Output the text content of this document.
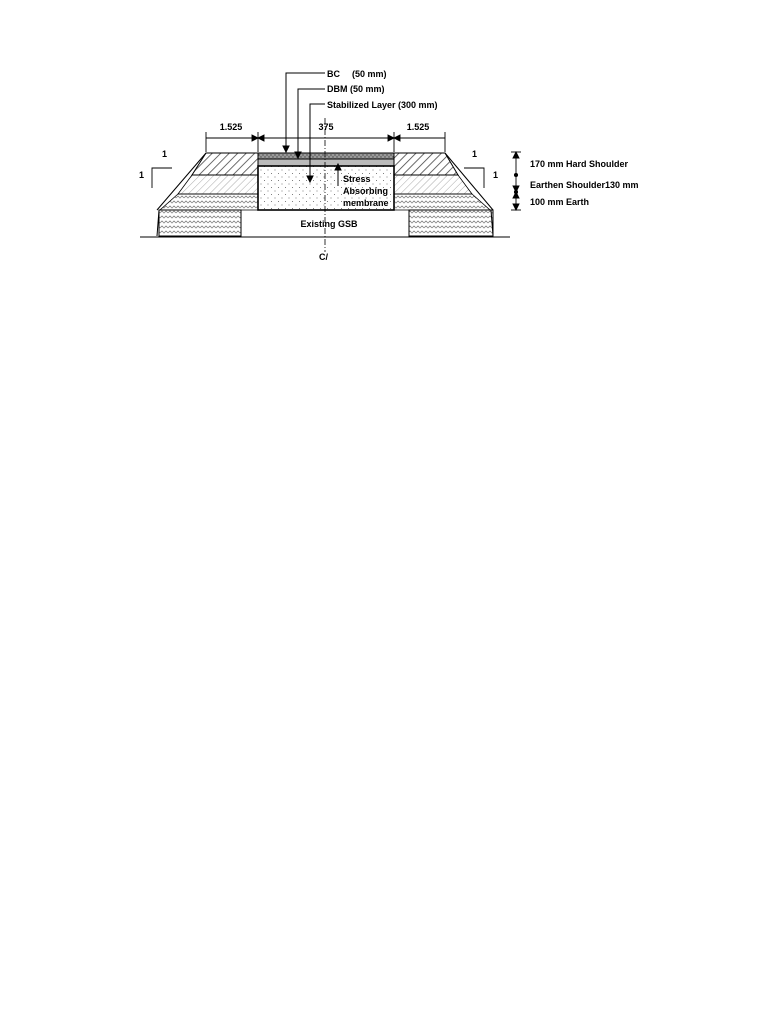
BC (50 mm)
DBM (50 mm)
Stabilized Layer (300 mm)
1.525	375	1.525
1
1
1
1
170 mm Hard Shoulder
Earthen Shoulder130 mm
100 mm Earth
Stress
Absorbing
membrane
Existing GSB
C/
